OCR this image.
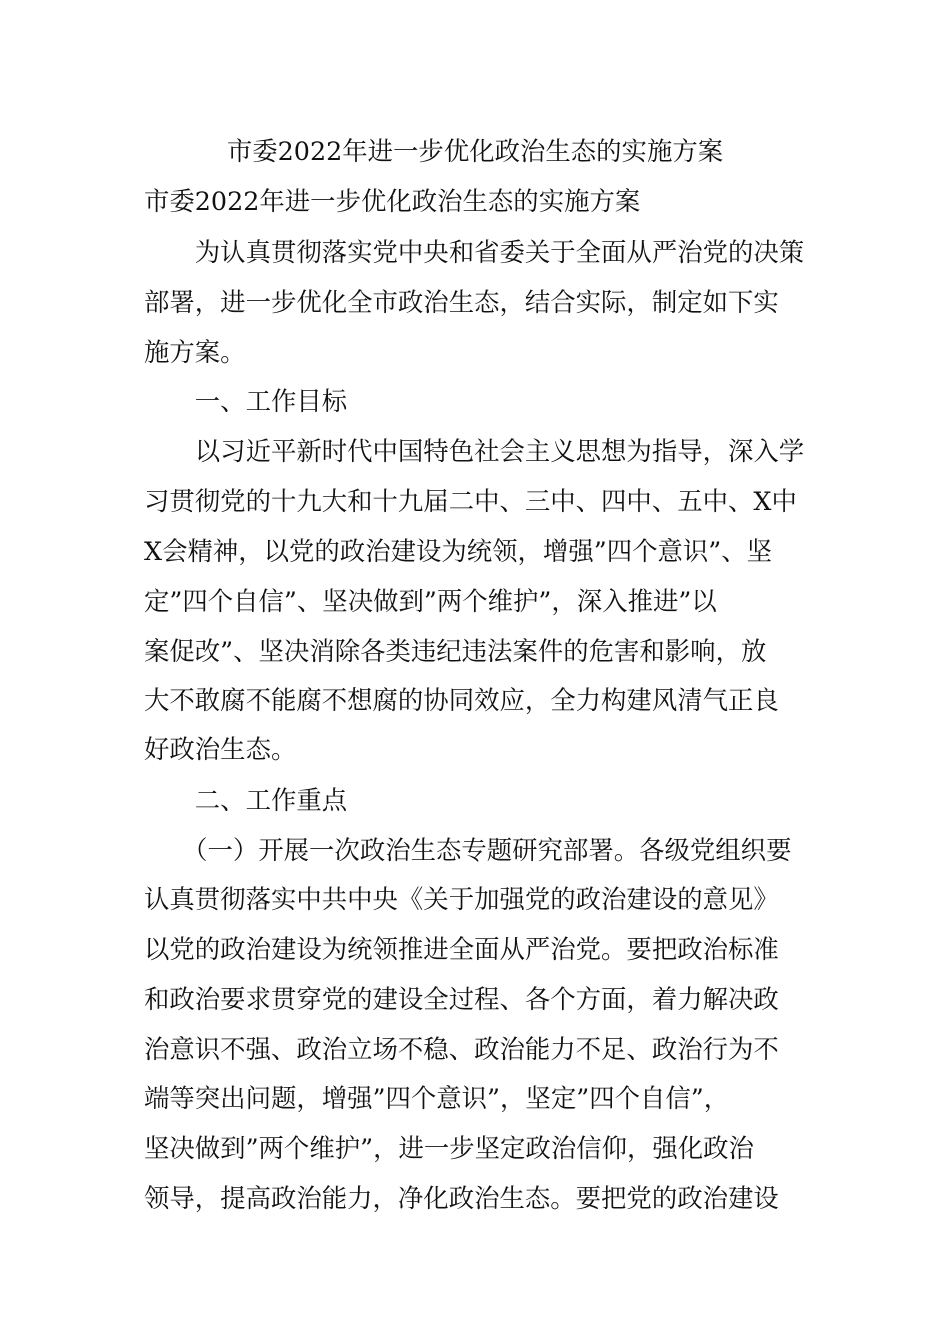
市委2022年进一步优化政治生态的实施方案
市委2022年进一步优化政治生态的实施方案
　　为认真贯彻落实党中央和省委关于全面从严治党的决策
部署，进一步优化全市政治生态，结合实际，制定如下实
施方案。
　　一、工作目标
　　以习近平新时代中国特色社会主义思想为指导，深入学
习贯彻党的十九大和十九届二中、三中、四中、五中、X中
X会精神，以党的政治建设为统领，增强”四个意识”、坚
定”四个自信”、坚决做到”两个维护”，深入推进”以
案促改”、坚决消除各类违纪违法案件的危害和影响，放
大不敢腐不能腐不想腐的协同效应，全力构建风清气正良
好政治生态。
　　二、工作重点
　　（一）开展一次政治生态专题研究部署。各级党组织要
认真贯彻落实中共中央《关于加强党的政治建设的意见》
以党的政治建设为统领推进全面从严治党。要把政治标准
和政治要求贯穿党的建设全过程、各个方面，着力解决政
治意识不强、政治立场不稳、政治能力不足、政治行为不
端等突出问题，增强”四个意识”，坚定”四个自信”，
坚决做到”两个维护”，进一步坚定政治信仰，强化政治
领导，提高政治能力，净化政治生态。要把党的政治建设
